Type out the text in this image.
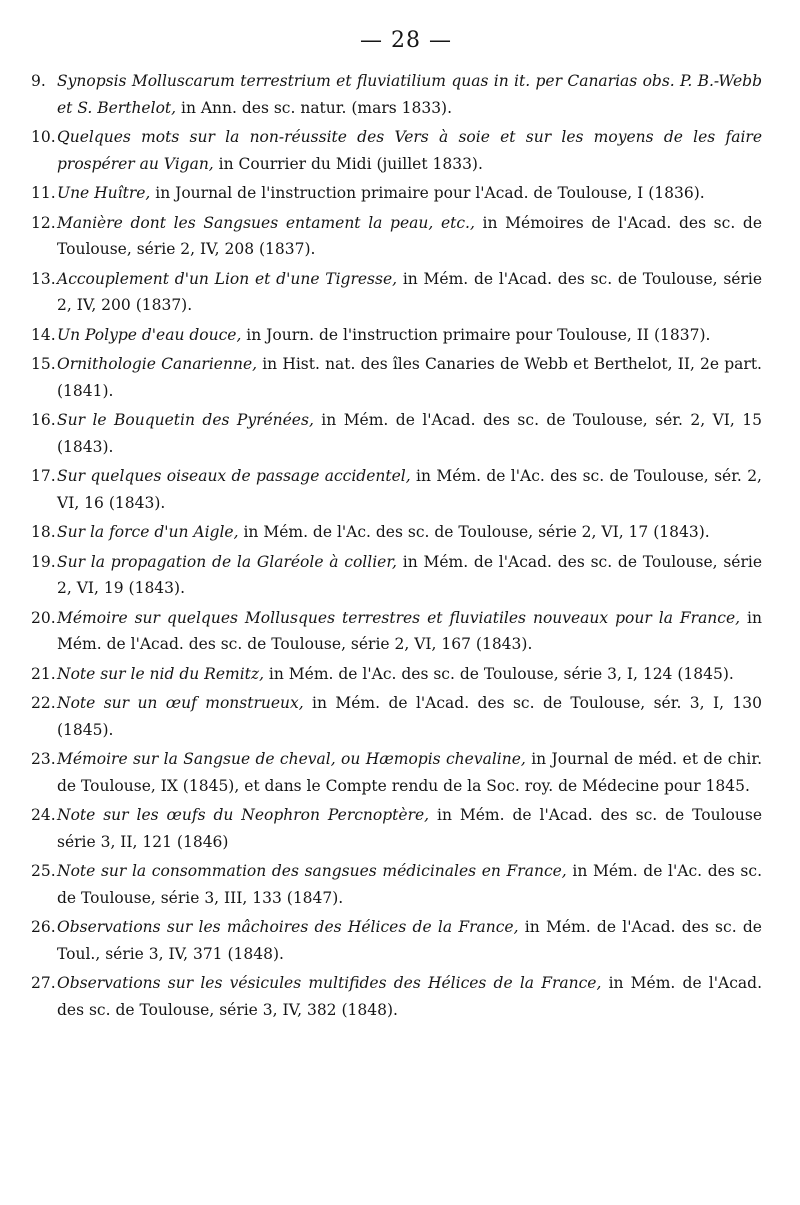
— 28 —
9. Synopsis Molluscarum terrestrium et fluviatilium quas in it. per Canarias obs. P. B.-Webb et S. Berthelot, in Ann. des sc. natur. (mars 1833).
10. Quelques mots sur la non-réussite des Vers à soie et sur les moyens de les faire prospérer au Vigan, in Courrier du Midi (juillet 1833).
11. Une Huître, in Journal de l'instruction primaire pour l'Acad. de Toulouse, I (1836).
12. Manière dont les Sangsues entament la peau, etc., in Mémoires de l'Acad. des sc. de Toulouse, série 2, IV, 208 (1837).
13. Accouplement d'un Lion et d'une Tigresse, in Mém. de l'Acad. des sc. de Toulouse, série 2, IV, 200 (1837).
14. Un Polype d'eau douce, in Journ. de l'instruction primaire pour Toulouse, II (1837).
15. Ornithologie Canarienne, in Hist. nat. des îles Canaries de Webb et Berthelot, II, 2e part. (1841).
16. Sur le Bouquetin des Pyrénées, in Mém. de l'Acad. des sc. de Toulouse, sér. 2, VI, 15 (1843).
17. Sur quelques oiseaux de passage accidentel, in Mém. de l'Ac. des sc. de Toulouse, sér. 2, VI, 16 (1843).
18. Sur la force d'un Aigle, in Mém. de l'Ac. des sc. de Toulouse, série 2, VI, 17 (1843).
19. Sur la propagation de la Glaréole à collier, in Mém. de l'Acad. des sc. de Toulouse, série 2, VI, 19 (1843).
20. Mémoire sur quelques Mollusques terrestres et fluviatiles nouveaux pour la France, in Mém. de l'Acad. des sc. de Toulouse, série 2, VI, 167 (1843).
21. Note sur le nid du Remitz, in Mém. de l'Ac. des sc. de Toulouse, série 3, I, 124 (1845).
22. Note sur un œuf monstrueux, in Mém. de l'Acad. des sc. de Toulouse, sér. 3, I, 130 (1845).
23. Mémoire sur la Sangsue de cheval, ou Hæmopis chevaline, in Journal de méd. et de chir. de Toulouse, IX (1845), et dans le Compte rendu de la Soc. roy. de Médecine pour 1845.
24. Note sur les œufs du Neophron Percnoptère, in Mém. de l'Acad. des sc. de Toulouse série 3, II, 121 (1846)
25. Note sur la consommation des sangsues médicinales en France, in Mém. de l'Ac. des sc. de Toulouse, série 3, III, 133 (1847).
26. Observations sur les mâchoires des Hélices de la France, in Mém. de l'Acad. des sc. de Toul., série 3, IV, 371 (1848).
27. Observations sur les vésicules multifides des Hélices de la France, in Mém. de l'Acad. des sc. de Toulouse, série 3, IV, 382 (1848).
